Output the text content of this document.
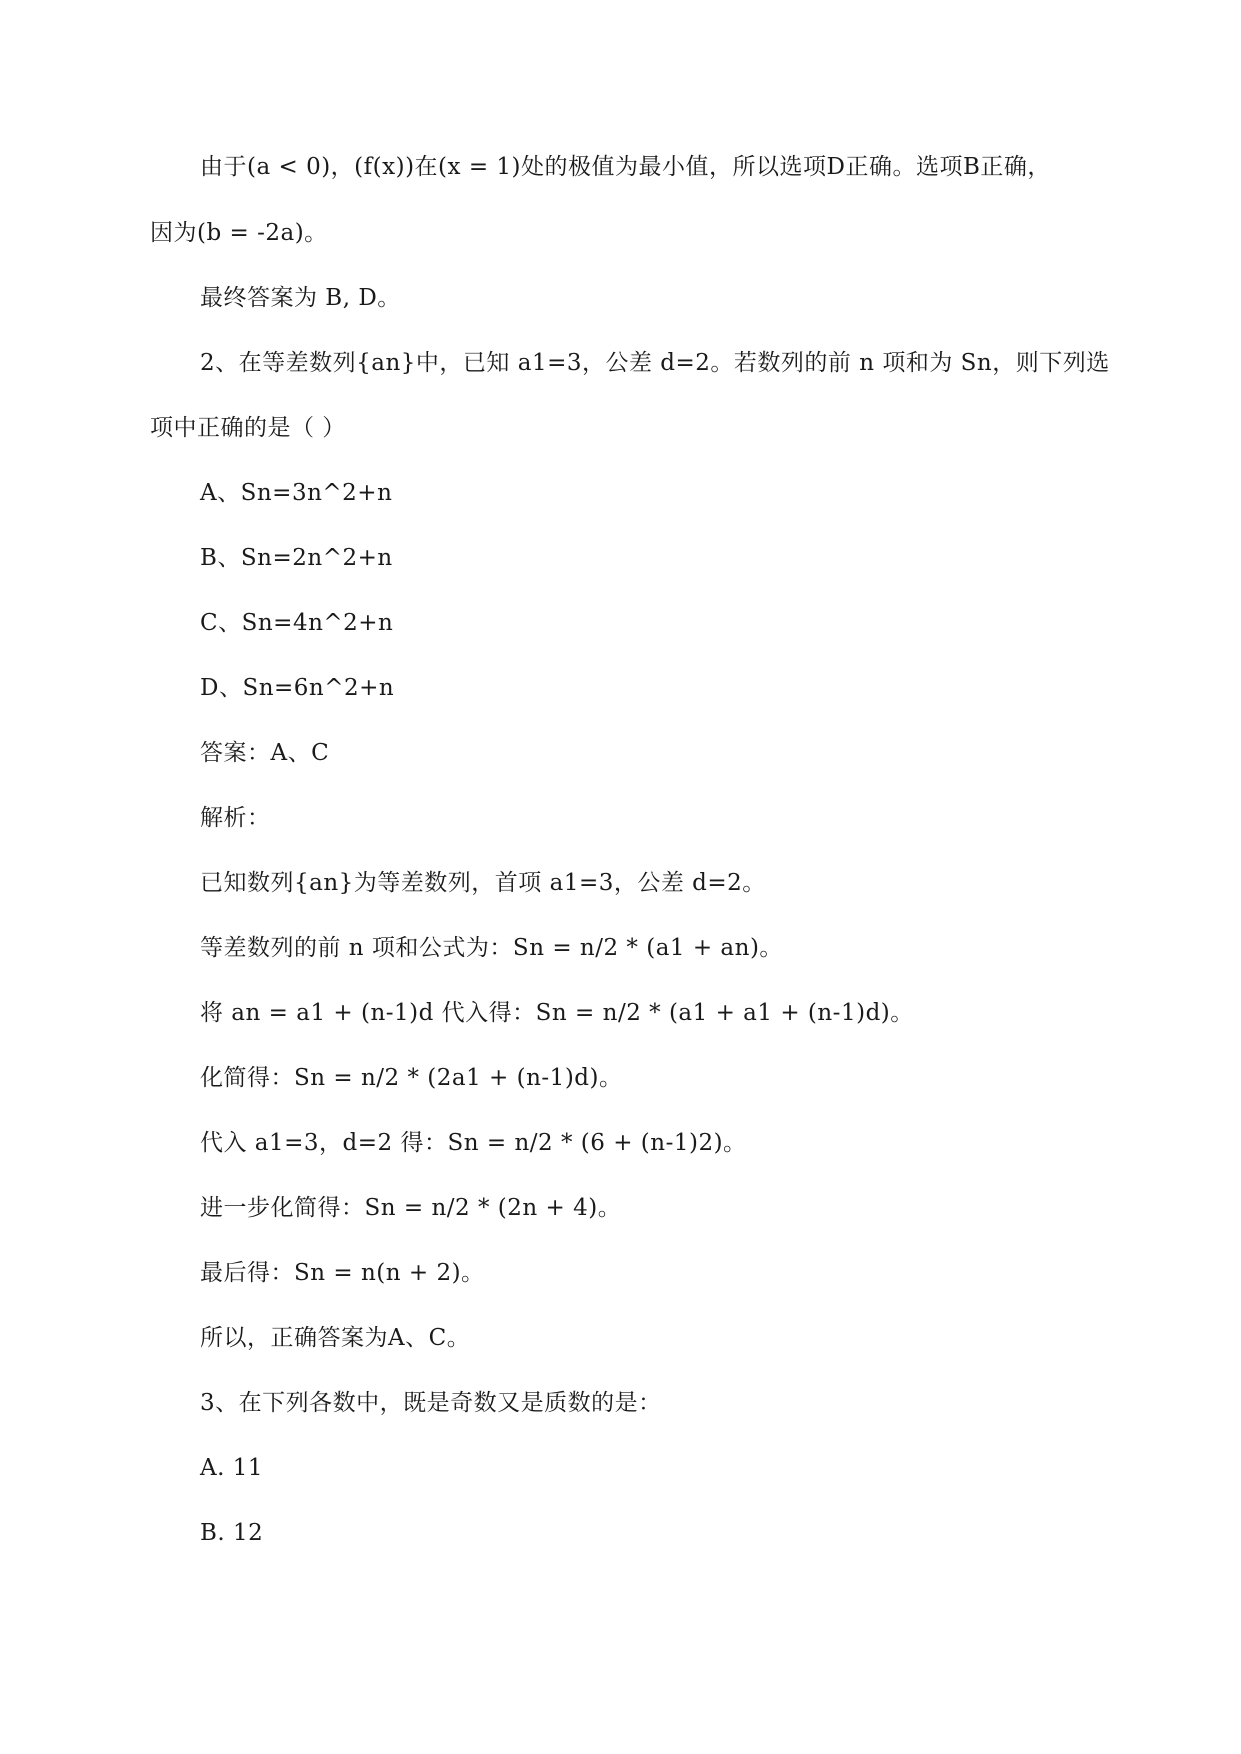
由于(a < 0)，(f(x))在(x = 1)处的极值为最小值，所以选项D正确。选项B正确，
因为(b = -2a)。
最终答案为 B, D。
2、在等差数列{an}中，已知 a1=3，公差 d=2。若数列的前 n 项和为 Sn，则下列选
项中正确的是（ ）
A、Sn=3n^2+n
B、Sn=2n^2+n
C、Sn=4n^2+n
D、Sn=6n^2+n
答案：A、C
解析：
已知数列{an}为等差数列，首项 a1=3，公差 d=2。
等差数列的前 n 项和公式为：Sn = n/2 * (a1 + an)。
将 an = a1 + (n-1)d 代入得：Sn = n/2 * (a1 + a1 + (n-1)d)。
化简得：Sn = n/2 * (2a1 + (n-1)d)。
代入 a1=3，d=2 得：Sn = n/2 * (6 + (n-1)2)。
进一步化简得：Sn = n/2 * (2n + 4)。
最后得：Sn = n(n + 2)。
所以，正确答案为A、C。
3、在下列各数中，既是奇数又是质数的是：
A. 11
B. 12
